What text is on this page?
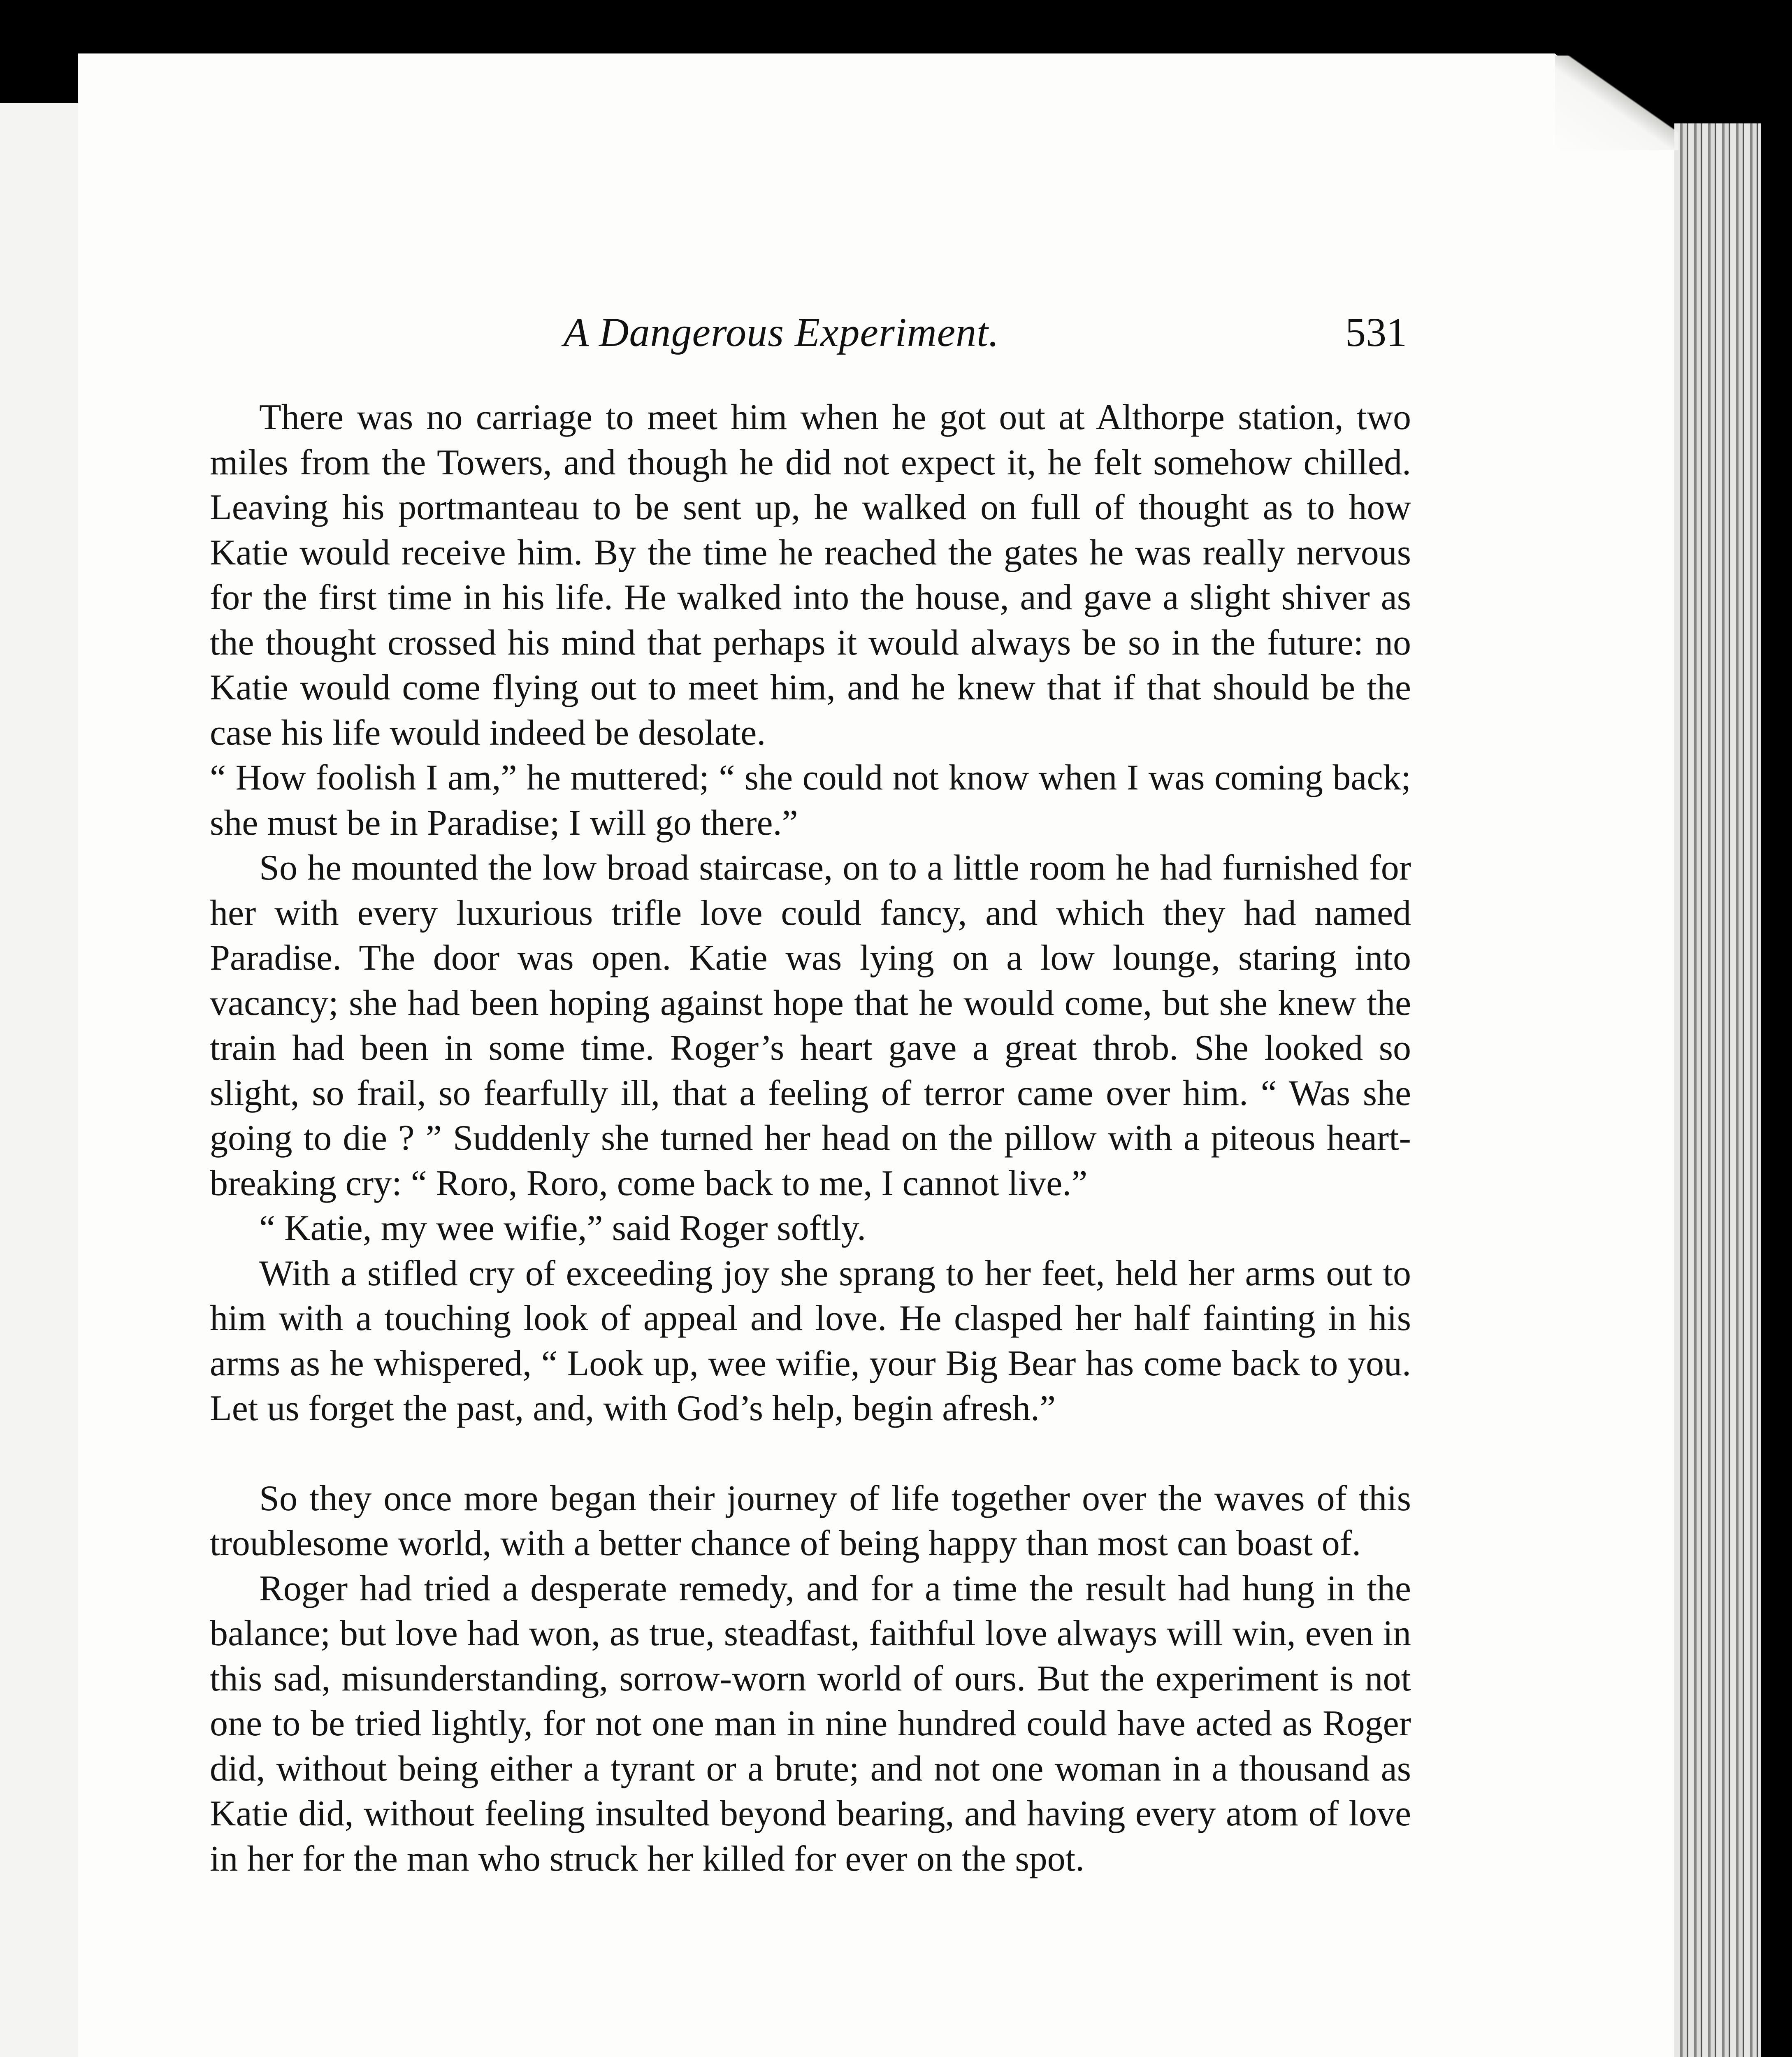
A Dangerous Experiment.	531

There was no carriage to meet him when he got out at Althorpe station, two miles from the Towers, and though he did not expect it, he felt somehow chilled. Leaving his portmanteau to be sent up, he walked on full of thought as to how Katie would receive him. By the time he reached the gates he was really nervous for the first time in his life. He walked into the house, and gave a slight shiver as the thought crossed his mind that perhaps it would always be so in the future: no Katie would come flying out to meet him, and he knew that if that should be the case his life would indeed be desolate.

“ How foolish I am,” he muttered; “ she could not know when I was coming back; she must be in Paradise; I will go there.”

So he mounted the low broad staircase, on to a little room he had furnished for her with every luxurious trifle love could fancy, and which they had named Paradise. The door was open. Katie was lying on a low lounge, staring into vacancy; she had been hoping against hope that he would come, but she knew the train had been in some time. Roger’s heart gave a great throb. She looked so slight, so frail, so fearfully ill, that a feeling of terror came over him. “ Was she going to die ? ” Suddenly she turned her head on the pillow with a piteous heart-breaking cry: “ Roro, Roro, come back to me, I cannot live.”

“ Katie, my wee wifie,” said Roger softly.

With a stifled cry of exceeding joy she sprang to her feet, held her arms out to him with a touching look of appeal and love. He clasped her half fainting in his arms as he whispered, “ Look up, wee wifie, your Big Bear has come back to you. Let us forget the past, and, with God’s help, begin afresh.”

So they once more began their journey of life together over the waves of this troublesome world, with a better chance of being happy than most can boast of.

Roger had tried a desperate remedy, and for a time the result had hung in the balance; but love had won, as true, steadfast, faithful love always will win, even in this sad, misunderstanding, sorrow-worn world of ours. But the experiment is not one to be tried lightly, for not one man in nine hundred could have acted as Roger did, without being either a tyrant or a brute; and not one woman in a thousand as Katie did, without feeling insulted beyond bearing, and having every atom of love in her for the man who struck her killed for ever on the spot.
